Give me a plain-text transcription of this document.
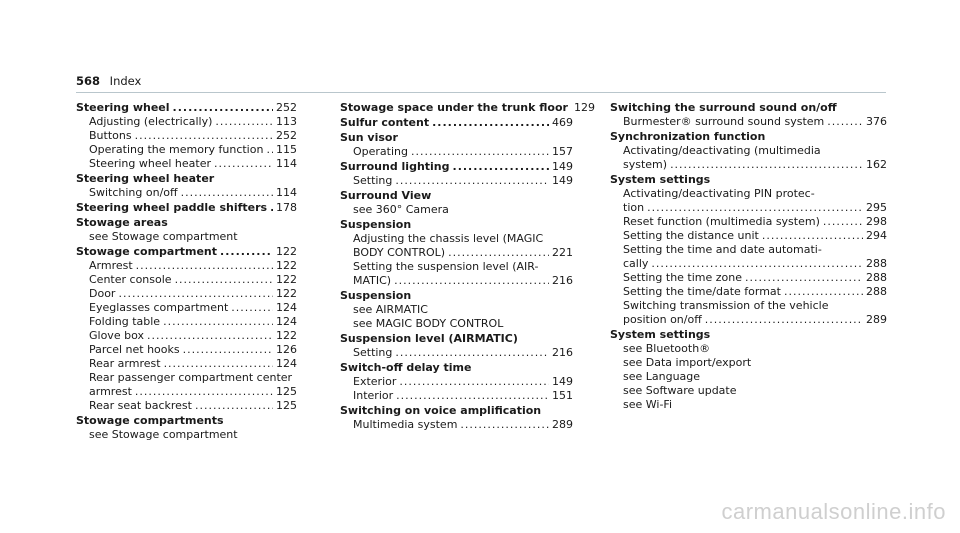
568 Index
Steering wheel .....	252
Adjusting (electrically) .....	113
Buttons .....	252
Operating the memory function ..... 115
Steering wheel heater .....	114
Steering wheel heater
Switching on/off .....	114
Steering wheel paddle shifters ..... 178
Stowage areas
see Stowage compartment
Stowage compartment .....	122
Armrest .....	122
Center console .....	122
Door .....	122
Eyeglasses compartment .....	124
Folding table .....	124
Glove box .....	122
Parcel net hooks .....	126
Rear armrest .....	124
Rear passenger compartment center
armrest .....	125
Rear seat backrest .....	125
Stowage compartments
see Stowage compartment
Stowage space under the trunk floor 129
Sulfur content .....	469
Sun visor
Operating .....	157
Surround lighting .....	149
Setting .....	149
Surround View
see 360° Camera
Suspension
Adjusting the chassis level (MAGIC
BODY CONTROL) .....	221
Setting the suspension level (AIR-
MATIC) .....	216
Suspension
see AIRMATIC
see MAGIC BODY CONTROL
Suspension level (AIRMATIC)
Setting .....	216
Switch-off delay time
Exterior .....	149
Interior .....	151
Switching on voice amplification
Multimedia system .....	289
Switching the surround sound on/off
Burmester® surround sound system .....	376
Synchronization function
Activating/deactivating (multimedia
system) .....	162
System settings
Activating/deactivating PIN protec-
tion .....	295
Reset function (multimedia system) .....	298
Setting the distance unit .....	294
Setting the time and date automati-
cally .....	288
Setting the time zone .....	288
Setting the time/date format .....	288
Switching transmission of the vehicle
position on/off .....	289
System settings
see Bluetooth®
see Data import/export
see Language
see Software update
see Wi-Fi
carmanualsonline.info
